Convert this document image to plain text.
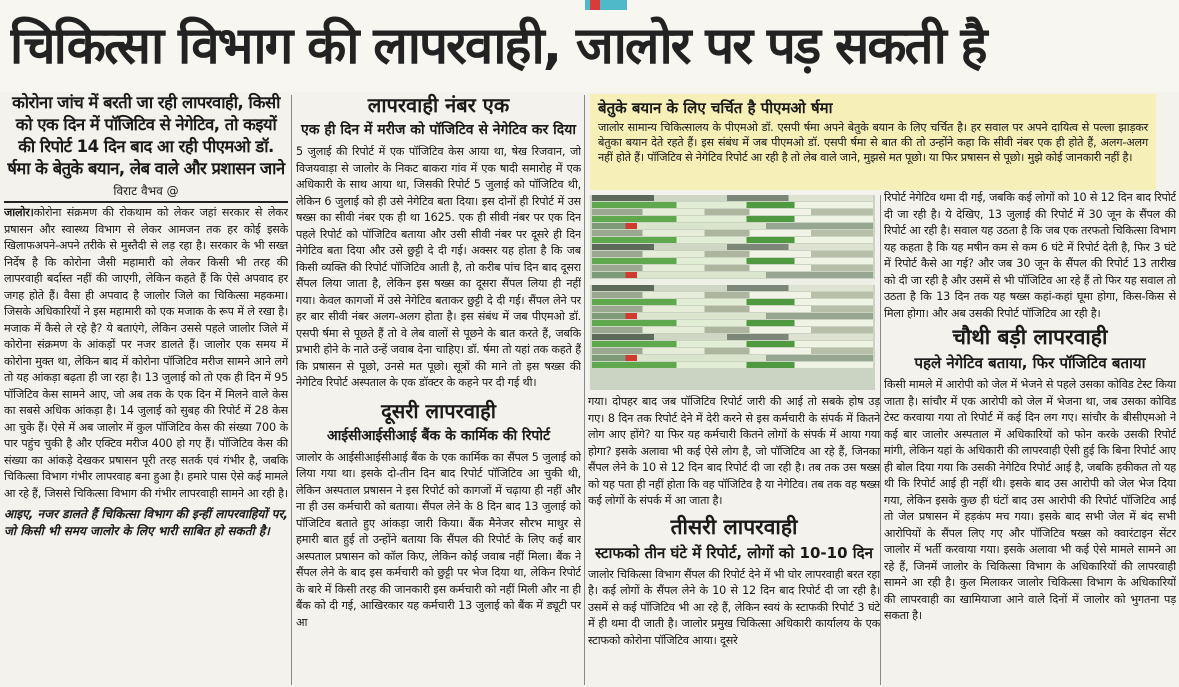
चिकित्सा विभाग की लापरवाही, जालोर पर पड़ सकती है

कोरोना जांच में बरती जा रही लापरवाही, किसी को एक दिन में पॉजिटिव से नेगेटिव, तो कइयों की रिपोर्ट 14 दिन बाद आ रही पीएमओ डॉ. र्षमा के बेतुके बयान, लेब वाले और प्रशासन जाने

विराट वैभव @

जालोर।कोरोना संक्रमण की रोकथाम को लेकर जहां सरकार से लेकर प्रषासन और स्वास्थ्य विभाग से लेकर आमजन तक हर कोई इसके खिलाफअपने-अपने तरीके से मुस्तैदी से लड़ रहा है। सरकार के भी सख्त निर्देष है कि कोरोना जैसी महामारी को लेकर किसी भी तरह की लापरवाही बर्दास्त नहीं की जाएगी, लेकिन कहते हैं कि ऐसे अपवाद हर जगह होते हैं। वैसा ही अपवाद है जालोर जिले का चिकित्सा महकमा। जिसके अधिकारियों ने इस महामारी को एक मजाक के रूप में ले रखा है। मजाक में कैसे ले रहे है? ये बताएंगे, लेकिन उससे पहले जालोर जिले में कोरोना संक्रमण के आंकड़ों पर नजर डालते हैं। जालोर एक समय में कोरोना मुक्त था, लेकिन बाद में कोरोना पॉजिटिव मरीज सामने आने लगे तो यह आंकड़ा बढ़ता ही जा रहा है। 13 जुलाई को तो एक ही दिन में 95 पॉजिटिव केस सामने आए, जो अब तक के एक दिन में मिलने वाले केस का सबसे अधिक आंकड़ा है। 14 जुलाई को सुबह की रिपोर्ट में 28 केस आ चुके हैं। ऐसे में अब जालोर में कुल पॉजिटिव केस की संख्या 700 के पार पहुंच चुकी है और एक्टिव मरीज 400 हो गए हैं। पॉजिटिव केस की संख्या का आंकड़े देखकर प्रषासन पूरी तरह सतर्क एवं गंभीर है, जबकि चिकित्सा विभाग गंभीर लापरवाह बना हुआ है। हमारे पास ऐसे कई मामले आ रहे हैं, जिससे चिकित्सा विभाग की गंभीर लापरवाही सामने आ रही है।

आइए, नजर डालते हैं चिकित्सा विभाग की इन्हीं लापरवाहियों पर, जो किसी भी समय जालोर के लिए भारी साबित हो सकती है।

लापरवाही नंबर एक

एक ही दिन में मरीज को पॉजिटिव से नेगेटिव कर दिया

5 जुलाई की रिपोर्ट में एक पॉजिटिव केस आया था, षेख रिजवान, जो विजयवाड़ा से जालोर के निकट बाकरा गांव में एक षादी समारोह में एक अधिकारी के साथ आया था, जिसकी रिपोर्ट 5 जुलाई को पॉजिटिव थी, लेकिन 6 जुलाई को ही उसे नेगेटिव बता दिया। इस दोनों ही रिपोर्ट में उस षख्स का सीवी नंबर एक ही था 1625. एक ही सीवी नंबर पर एक दिन पहले रिपोर्ट को पॉजिटिव बताया और उसी सीवी नंबर पर दूसरे ही दिन नेगेटिव बता दिया और उसे छुट्टी दे दी गई। अक्सर यह होता है कि जब किसी व्यक्ति की रिपोर्ट पॉजिटिव आती है, तो करीब पांच दिन बाद दूसरा सैंपल लिया जाता है, लेकिन इस षख्स का दूसरा सैंपल लिया ही नहीं गया। केवल कागजों में उसे नेगेटिव बताकर छुट्टी दे दी गई। सैंपल लेने पर हर बार सीवी नंबर अलग-अलग होता है। इस संबंध में जब पीएमओ डॉ. एसपी र्षमा से पूछते हैं तो वे लेब वालों से पूछने के बात करते हैं, जबकि प्रभारी होने के नाते उन्हें जवाब देना चाहिए। डॉ. र्षमा तो यहां तक कहते हैं कि प्रषासन से पूछो, उनसे मत पूछो। सूत्रों की माने तो इस षख्स की नेगेटिव रिपोर्ट अस्पताल के एक डॉक्टर के कहने पर दी गई थी।

दूसरी लापरवाही

आईसीआईसीआई बैंक के कार्मिक की रिपोर्ट

जालोर के आईसीआईसीआई बैंक के एक कार्मिक का सैंपल 5 जुलाई को लिया गया था। इसके दो-तीन दिन बाद रिपोर्ट पॉजिटिव आ चुकी थी, लेकिन अस्पताल प्रषासन ने इस रिपोर्ट को कागजों में चढ़ाया ही नहीं और ना ही उस कर्मचारी को बताया। सैंपल लेने के 8 दिन बाद 13 जुलाई को पॉजिटिव बताते हुए आंकड़ा जारी किया। बैंक मैनेजर सौरभ माथुर से हमारी बात हुई तो उन्होंने बताया कि सैंपल की रिपोर्ट के लिए कई बार अस्पताल प्रषासन को कॉल किए, लेकिन कोई जवाब नहीं मिला। बैंक ने सैंपल लेने के बाद इस कर्मचारी को छुट्टी पर भेज दिया था, लेकिन रिपोर्ट के बारे में किसी तरह की जानकारी इस कर्मचारी को नहीं मिली और ना ही बैंक को दी गई, आखिरकार यह कर्मचारी 13 जुलाई को बैंक में ड्यूटी पर आ

बेतुके बयान के लिए चर्चित है पीएमओ र्षमा

जालोर सामान्य चिकित्सालय के पीएमओ डॉ. एसपी र्षमा अपने बेतुके बयान के लिए चर्चित है। हर सवाल पर अपने दायित्व से पल्ला झाड़कर बेतुका बयान देते रहते हैं। इस संबंध में जब पीएमओ डॉ. एसपी र्षमा से बात की तो उन्होंने कहा कि सीवी नंबर एक ही होते हैं, अलग-अलग नहीं होते हैं। पॉजिटिव से नेगेटिव रिपोर्ट आ रही है तो लेब वाले जाने, मुझसे मत पूछो। या फिर प्रषासन से पूछो। मुझे कोई जानकारी नहीं है।

गया। दोपहर बाद जब पॉजिटिव रिपोर्ट जारी की आई तो सबके होष उड़ गए। 8 दिन तक रिपोर्ट देने में देरी करने से इस कर्मचारी के संपर्क में कितने लोग आए होंगे? या फिर यह कर्मचारी कितने लोगों के संपर्क में आया गया होगा? इसके अलावा भी कई ऐसे लोग है, जो पॉजिटिव आ रहे हैं, जिनका सैंपल लेने के 10 से 12 दिन बाद रिपोर्ट दी जा रही है। तब तक उस षख्स को यह पता ही नहीं होता कि वह पॉजिटिव है या नेगेटिव। तब तक वह षख्स कई लोगों के संपर्क में आ जाता है।

तीसरी लापरवाही

स्टाफको तीन घंटे में रिपोर्ट, लोगों को 10-10 दिन

जालोर चिकित्सा विभाग सैंपल की रिपोर्ट देने में भी घोर लापरवाही बरत रहा है। कई लोगों के सैंपल लेने के 10 से 12 दिन बाद रिपोर्ट दी जा रही है। उसमें से कई पॉजिटिव भी आ रहे हैं, लेकिन स्वयं के स्टाफकी रिपोर्ट 3 घंटे में ही थमा दी जाती है। जालोर प्रमुख चिकित्सा अधिकारी कार्यालय के एक स्टाफको कोरोना पॉजिटिव आया। दूसरे

रिपोर्ट नेगेटिव थमा दी गई, जबकि कई लोगों को 10 से 12 दिन बाद रिपोर्ट दी जा रही है। ये देखिए, 13 जुलाई की रिपोर्ट में 30 जून के सैंपल की रिपोर्ट आ रही है। सवाल यह उठता है कि जब एक तरफतो चिकित्सा विभाग यह कहता है कि यह मषीन कम से कम 6 घंटे में रिपोर्ट देती है, फिर 3 घंटे में रिपोर्ट कैसे आ गई? और जब 30 जून के सैंपल की रिपोर्ट 13 तारीख को दी जा रही है और उसमें से भी पॉजिटिव आ रहे हैं तो फिर यह सवाल तो उठता है कि 13 दिन तक यह षख्स कहां-कहां घूमा होगा, किस-किस से मिला होगा। और अब उसकी रिपोर्ट पॉजिटिव आ रही है।

चौथी बड़ी लापरवाही

पहले नेगेटिव बताया, फिर पॉजिटिव बताया

किसी मामले में आरोपी को जेल में भेजने से पहले उसका कोविड टेस्ट किया जाता है। सांचौर में एक आरोपी को जेल में भेजना था, जब उसका कोविड टेस्ट करवाया गया तो रिपोर्ट में कई दिन लग गए। सांचौर के बीसीएमओ ने कई बार जालोर अस्पताल में अधिकारियों को फोन करके उसकी रिपोर्ट मांगी, लेकिन यहां के अधिकारी की लापरवाही ऐसी हुई कि बिना रिपोर्ट आए ही बोल दिया गया कि उसकी नेगेटिव रिपोर्ट आई है, जबकि हकीकत तो यह थी कि रिपोर्ट आई ही नहीं थी। इसके बाद उस आरोपी को जेल भेज दिया गया, लेकिन इसके कुछ ही घंटों बाद उस आरोपी की रिपोर्ट पॉजिटिव आई तो जेल प्रषासन में हड़कंप मच गया। इसके बाद सभी जेल में बंद सभी आरोपियों के सैंपल लिए गए और पॉजिटिव षख्स को क्वारंटाइन सेंटर जालोर में भर्ती करवाया गया। इसके अलावा भी कई ऐसे मामले सामने आ रहे हैं, जिनमें जालोर के चिकित्सा विभाग के अधिकारियों की लापरवाही सामने आ रही है। कुल मिलाकर जालोर चिकित्सा विभाग के अधिकारियों की लापरवाही का खामियाजा आने वाले दिनों में जालोर को भुगतना पड़ सकता है।
